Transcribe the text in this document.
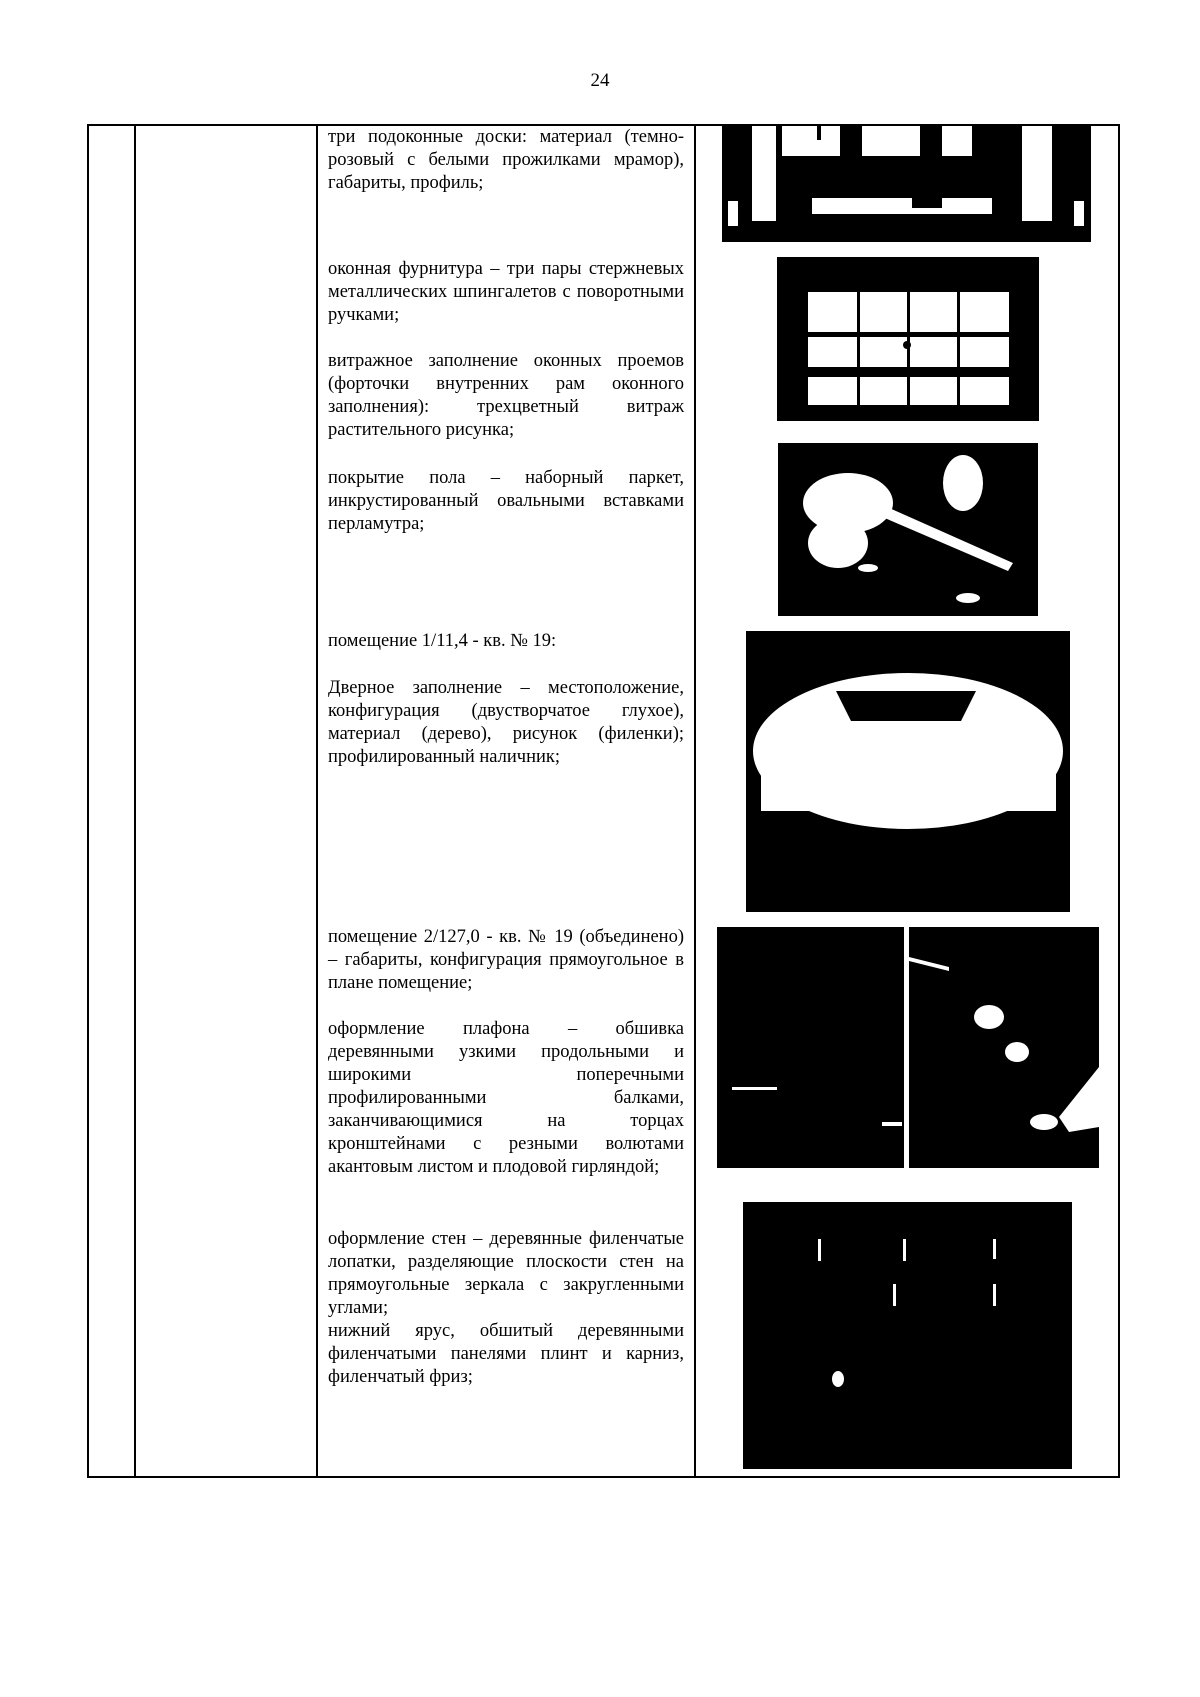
24

три подоконные доски: материал (темно-розовый с белыми прожилками мрамор), габариты, профиль;

оконная фурнитура – три пары стержневых металлических шпингалетов с поворотными ручками;

витражное заполнение оконных проемов (форточки внутренних рам оконного заполнения): трехцветный витраж растительного рисунка;

покрытие пола – наборный паркет, инкрустированный овальными вставками перламутра;

помещение 1/11,4 - кв. № 19:

Дверное заполнение – местоположение, конфигурация (двустворчатое глухое), материал (дерево), рисунок (филенки); профилированный наличник;

помещение 2/127,0 - кв. № 19 (объединено) – габариты, конфигурация прямоугольное в плане помещение;

оформление плафона – обшивка деревянными узкими продольными и широкими поперечными профилированными балками, заканчивающимися на торцах кронштейнами с резными волютами акантовым листом и плодовой гирляндой;

оформление стен – деревянные филенчатые лопатки, разделяющие плоскости стен на прямоугольные зеркала с закругленными углами;

нижний ярус, обшитый деревянными филенчатыми панелями плинт и карниз, филенчатый фриз;
